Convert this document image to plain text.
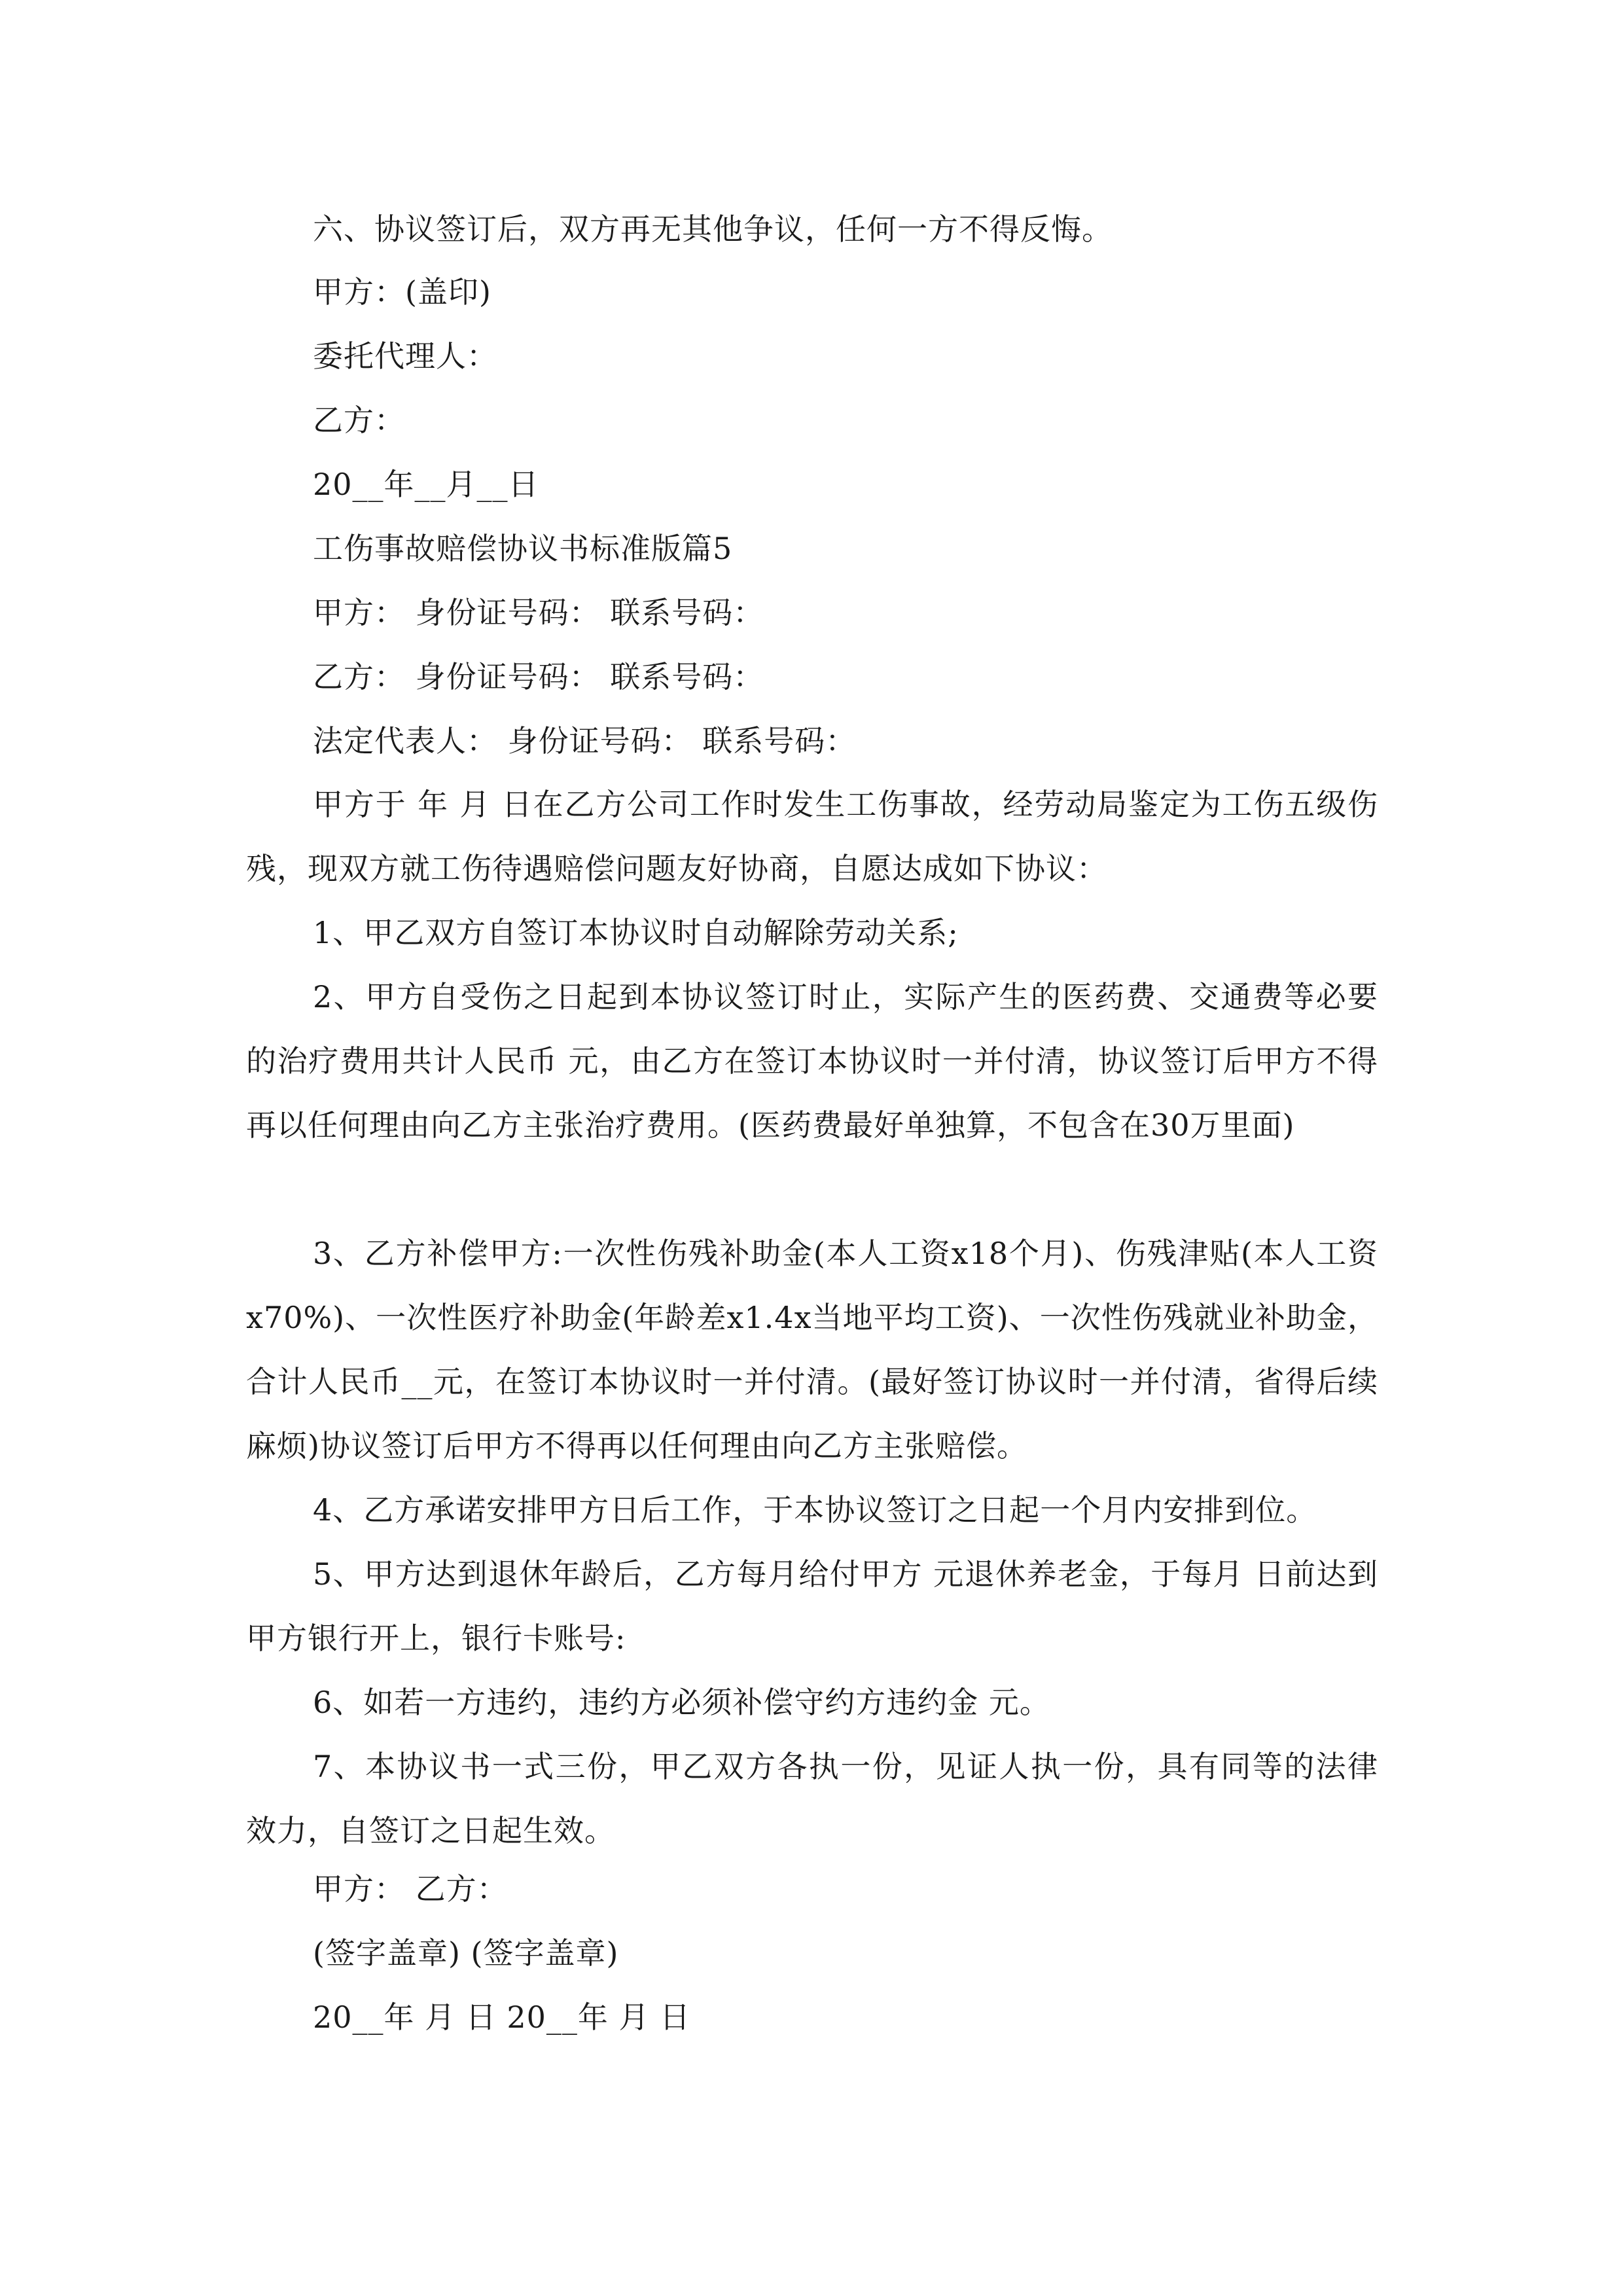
六、协议签订后，双方再无其他争议，任何一方不得反悔。
甲方：(盖印)
委托代理人：
乙方：
20__年__月__日
工伤事故赔偿协议书标准版篇5
甲方： 身份证号码： 联系号码：
乙方： 身份证号码： 联系号码：
法定代表人： 身份证号码： 联系号码：
甲方于 年 月 日在乙方公司工作时发生工伤事故，经劳动局鉴定为工伤五级伤残，现双方就工伤待遇赔偿问题友好协商，自愿达成如下协议：
1、甲乙双方自签订本协议时自动解除劳动关系;
2、甲方自受伤之日起到本协议签订时止，实际产生的医药费、交通费等必要的治疗费用共计人民币 元，由乙方在签订本协议时一并付清，协议签订后甲方不得再以任何理由向乙方主张治疗费用。(医药费最好单独算，不包含在30万里面)
3、乙方补偿甲方:一次性伤残补助金(本人工资x18个月)、伤残津贴(本人工资x70%)、一次性医疗补助金(年龄差x1.4x当地平均工资)、一次性伤残就业补助金，合计人民币__元，在签订本协议时一并付清。(最好签订协议时一并付清，省得后续麻烦)协议签订后甲方不得再以任何理由向乙方主张赔偿。
4、乙方承诺安排甲方日后工作，于本协议签订之日起一个月内安排到位。
5、甲方达到退休年龄后，乙方每月给付甲方 元退休养老金，于每月 日前达到甲方银行开上，银行卡账号:
6、如若一方违约，违约方必须补偿守约方违约金 元。
7、本协议书一式三份，甲乙双方各执一份，见证人执一份，具有同等的法律效力，自签订之日起生效。
甲方： 乙方：
(签字盖章) (签字盖章)
20__年 月 日 20__年 月 日
